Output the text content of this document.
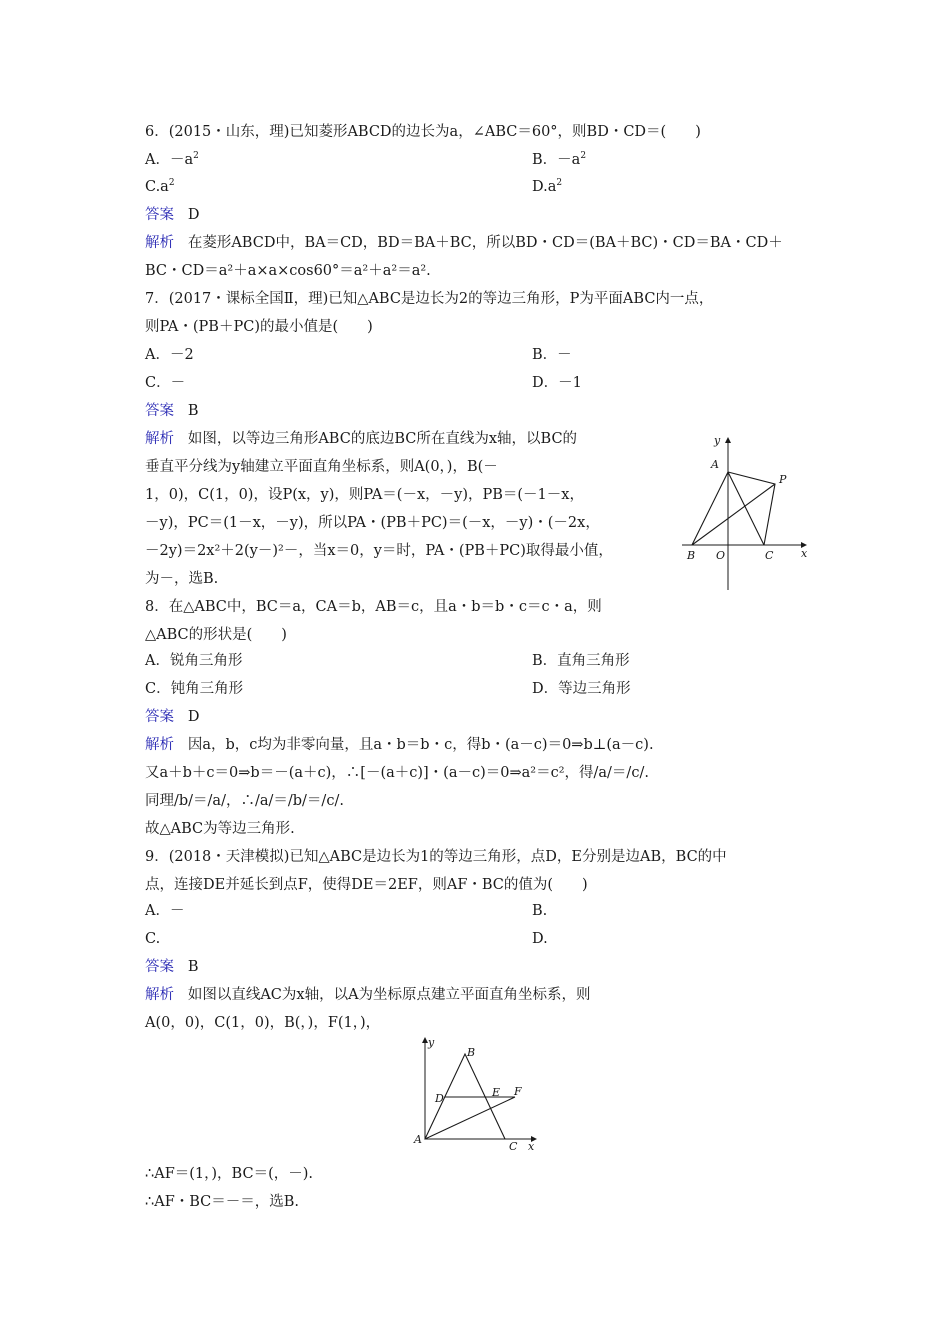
6．(2015・山东，理)已知菱形ABCD的边长为a，∠ABC＝60°，则BD・CD＝(　　)
A．$-a^2$	B．$-a^2$
$C.a^2$	$D.a^2$
答案 D
解析 在菱形ABCD中，BA＝CD，BD＝BA＋BC，所以BD・CD＝(BA＋BC)・CD＝BA・CD＋
BC・CD＝a²＋a×a×cos60°＝a²＋a²＝a².
7．(2017・课标全国Ⅱ，理)已知△ABC是边长为2的等边三角形，P为平面ABC内一点，
则PA・(PB＋PC)的最小值是(　　)
A．－2	B．－
C．－	D．－1
答案 B
解析 如图，以等边三角形ABC的底边BC所在直线为x轴，以BC的
垂直平分线为y轴建立平面直角坐标系，则A(0，)，B(－
1，0)，C(1，0)，设P(x，y)，则PA＝(－x，－y)，PB＝(－1－x，
－y)，PC＝(1－x，－y)，所以PA・(PB＋PC)＝(－x，－y)・(－2x，
－2y)＝2x²＋2(y－)²－，当x＝0，y＝时，PA・(PB＋PC)取得最小值，
为－，选B.
y
A
P
B O	C	x
8．在△ABC中，BC＝a，CA＝b，AB＝c，且a・b＝b・c＝c・a，则
△ABC的形状是(　　)
A．锐角三角形	B．直角三角形
C．钝角三角形	D．等边三角形
答案 D
解析 因a，b，c均为非零向量，且a・b＝b・c，得b・(a－c)＝0⇒b⊥(a－c).
又a＋b＋c＝0⇒b＝－(a＋c)，∴[－(a＋c)]・(a－c)＝0⇒a²＝c²，得/a/＝/c/.
同理/b/＝/a/，∴/a/＝/b/＝/c/.
故△ABC为等边三角形.
9．(2018・天津模拟)已知△ABC是边长为1的等边三角形，点D，E分别是边AB，BC的中
点，连接DE并延长到点F，使得DE＝2EF，则AF・BC的值为(　　)
A．－	B.
C.	D.
答案 B
解析 如图以直线AC为x轴，以A为坐标原点建立平面直角坐标系，则
A(0，0)，C(1，0)，B(，)，F(1，)，
y
B
D	E F
A
C x
∴AF＝(1，)，BC＝(，－).
∴AF・BC＝－＝，选B.
